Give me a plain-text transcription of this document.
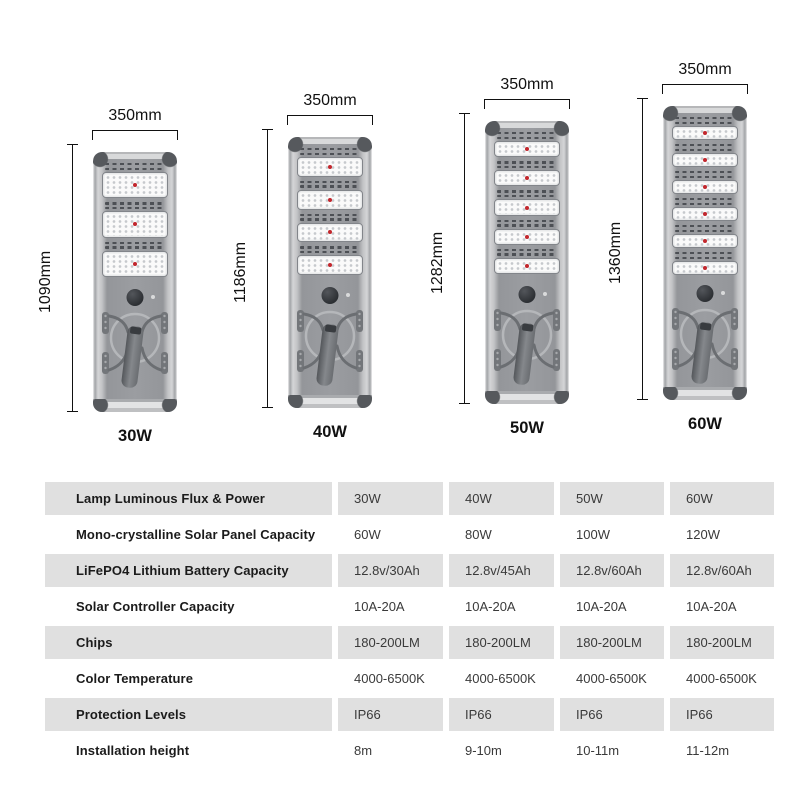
350mm
1090mm
30W
350mm
1186mm
40W
350mm
1282mm
50W
350mm
1360mm
60W
Lamp Luminous Flux & Power	30W	40W	50W	60W
Mono-crystalline Solar Panel Capacity	60W	80W	100W	120W
LiFePO4 Lithium Battery Capacity	12.8v/30Ah	12.8v/45Ah	12.8v/60Ah	12.8v/60Ah
Solar Controller Capacity	10A-20A	10A-20A	10A-20A	10A-20A
Chips	180-200LM	180-200LM	180-200LM	180-200LM
Color Temperature	4000-6500K	4000-6500K	4000-6500K	4000-6500K
Protection Levels	IP66	IP66	IP66	IP66
Installation height	8m	9-10m	10-11m	11-12m
